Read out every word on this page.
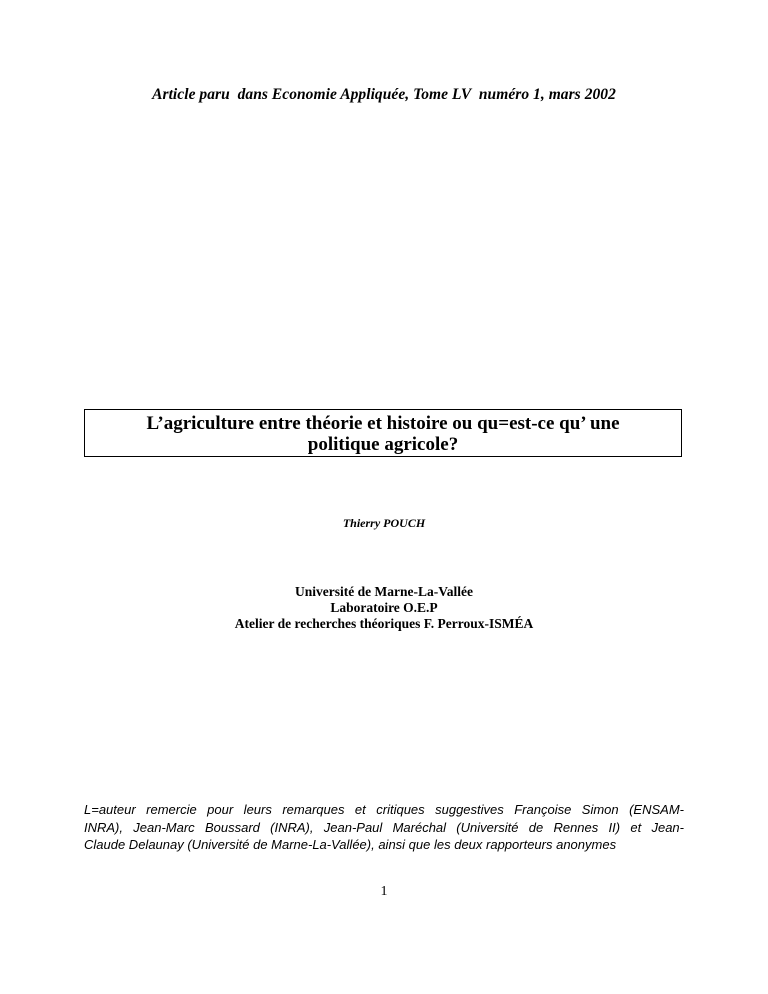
Article paru  dans Economie Appliquée, Tome LV  numéro 1, mars 2002
L’agriculture entre théorie et histoire ou qu=est-ce qu’ une
politique agricole?
Thierry POUCH
Université de Marne-La-Vallée
Laboratoire O.E.P
Atelier de recherches théoriques F. Perroux-ISMÉA
L=auteur remercie pour leurs remarques et critiques suggestives Françoise Simon (ENSAM-
INRA), Jean-Marc Boussard (INRA), Jean-Paul Maréchal (Université de Rennes II) et Jean-
Claude Delaunay (Université de Marne-La-Vallée), ainsi que les deux rapporteurs anonymes
1
